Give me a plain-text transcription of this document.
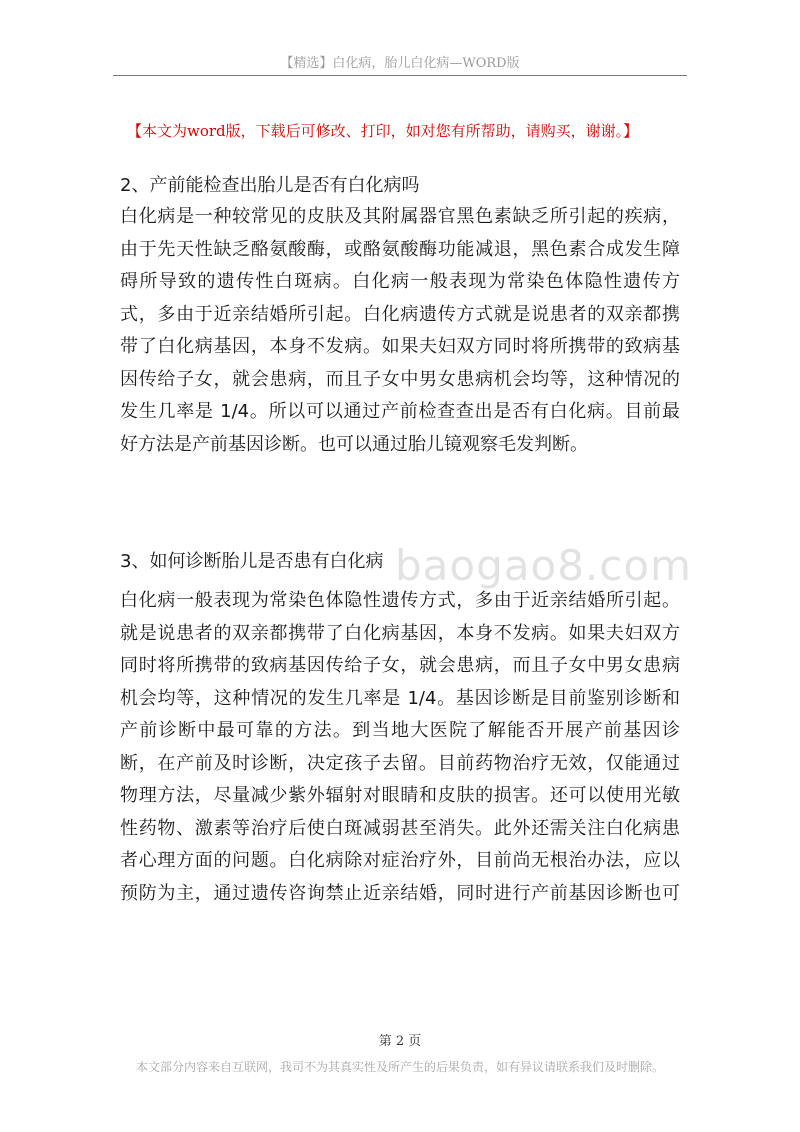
【精选】白化病，胎儿白化病—WORD版
【本文为word版，下载后可修改、打印，如对您有所帮助，请购买，谢谢。】
2、产前能检查出胎儿是否有白化病吗
白化病是一种较常见的皮肤及其附属器官黑色素缺乏所引起的疾病，
由于先天性缺乏酪氨酸酶，或酪氨酸酶功能减退，黑色素合成发生障
碍所导致的遗传性白斑病。白化病一般表现为常染色体隐性遗传方
式，多由于近亲结婚所引起。白化病遗传方式就是说患者的双亲都携
带了白化病基因，本身不发病。如果夫妇双方同时将所携带的致病基
因传给子女，就会患病，而且子女中男女患病机会均等，这种情况的
发生几率是 1/4。所以可以通过产前检查查出是否有白化病。目前最
好方法是产前基因诊断。也可以通过胎儿镜观察毛发判断。
3、如何诊断胎儿是否患有白化病
白化病一般表现为常染色体隐性遗传方式，多由于近亲结婚所引起。
就是说患者的双亲都携带了白化病基因，本身不发病。如果夫妇双方
同时将所携带的致病基因传给子女，就会患病，而且子女中男女患病
机会均等，这种情况的发生几率是 1/4。基因诊断是目前鉴别诊断和
产前诊断中最可靠的方法。到当地大医院了解能否开展产前基因诊
断，在产前及时诊断，决定孩子去留。目前药物治疗无效，仅能通过
物理方法，尽量减少紫外辐射对眼睛和皮肤的损害。还可以使用光敏
性药物、激素等治疗后使白斑减弱甚至消失。此外还需关注白化病患
者心理方面的问题。白化病除对症治疗外，目前尚无根治办法，应以
预防为主，通过遗传咨询禁止近亲结婚，同时进行产前基因诊断也可
baogao8.com
第 2 页
本文部分内容来自互联网，我司不为其真实性及所产生的后果负责，如有异议请联系我们及时删除。
